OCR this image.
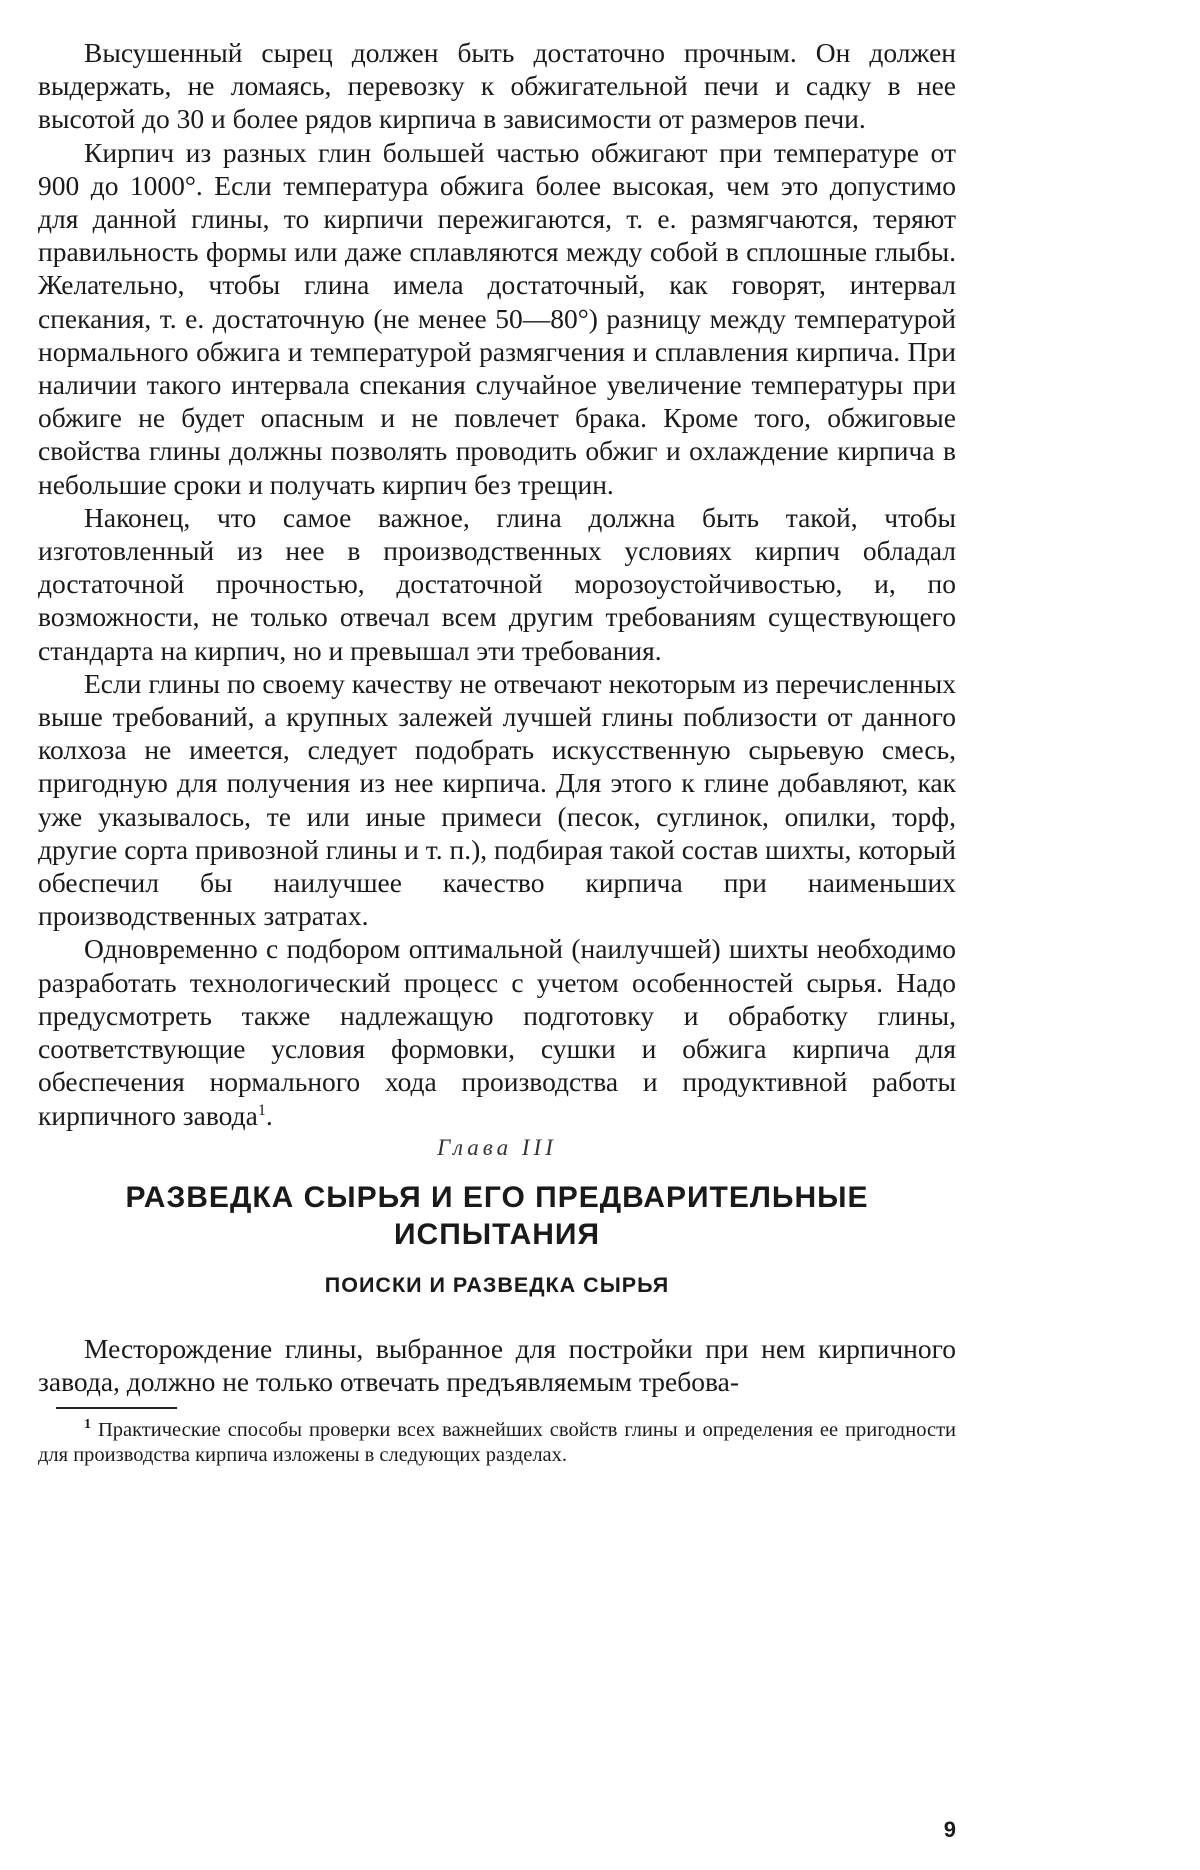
Высушенный сырец должен быть достаточно прочным. Он должен выдержать, не ломаясь, перевозку к обжигательной печи и садку в нее высотой до 30 и более рядов кирпича в зависимости от размеров печи.

Кирпич из разных глин большей частью обжигают при температуре от 900 до 1000°. Если температура обжига более высокая, чем это допустимо для данной глины, то кирпичи пережигаются, т. е. размягчаются, теряют правильность формы или даже сплавляются между собой в сплошные глыбы. Желательно, чтобы глина имела достаточный, как говорят, интервал спекания, т. е. достаточную (не менее 50—80°) разницу между температурой нормального обжига и температурой размягчения и сплавления кирпича. При наличии такого интервала спекания случайное увеличение температуры при обжиге не будет опасным и не повлечет брака. Кроме того, обжиговые свойства глины должны позволять проводить обжиг и охлаждение кирпича в небольшие сроки и получать кирпич без трещин.

Наконец, что самое важное, глина должна быть такой, чтобы изготовленный из нее в производственных условиях кирпич обладал достаточной прочностью, достаточной морозоустойчивостью, и, по возможности, не только отвечал всем другим требованиям существующего стандарта на кирпич, но и превышал эти требования.

Если глины по своему качеству не отвечают некоторым из перечисленных выше требований, а крупных залежей лучшей глины поблизости от данного колхоза не имеется, следует подобрать искусственную сырьевую смесь, пригодную для получения из нее кирпича. Для этого к глине добавляют, как уже указывалось, те или иные примеси (песок, суглинок, опилки, торф, другие сорта привозной глины и т. п.), подбирая такой состав шихты, который обеспечил бы наилучшее качество кирпича при наименьших производственных затратах.

Одновременно с подбором оптимальной (наилучшей) шихты необходимо разработать технологический процесс с учетом особенностей сырья. Надо предусмотреть также надлежащую подготовку и обработку глины, соответствующие условия формовки, сушки и обжига кирпича для обеспечения нормального хода производства и продуктивной работы кирпичного завода$^1$.

Глава III
РАЗВЕДКА СЫРЬЯ И ЕГО ПРЕДВАРИТЕЛЬНЫЕ ИСПЫТАНИЯ
ПОИСКИ И РАЗВЕДКА СЫРЬЯ

Месторождение глины, выбранное для постройки при нем кирпичного завода, должно не только отвечать предъявляемым требова-

$^1$ Практические способы проверки всех важнейших свойств глины и определения ее пригодности для производства кирпича изложены в следующих разделах.

9
